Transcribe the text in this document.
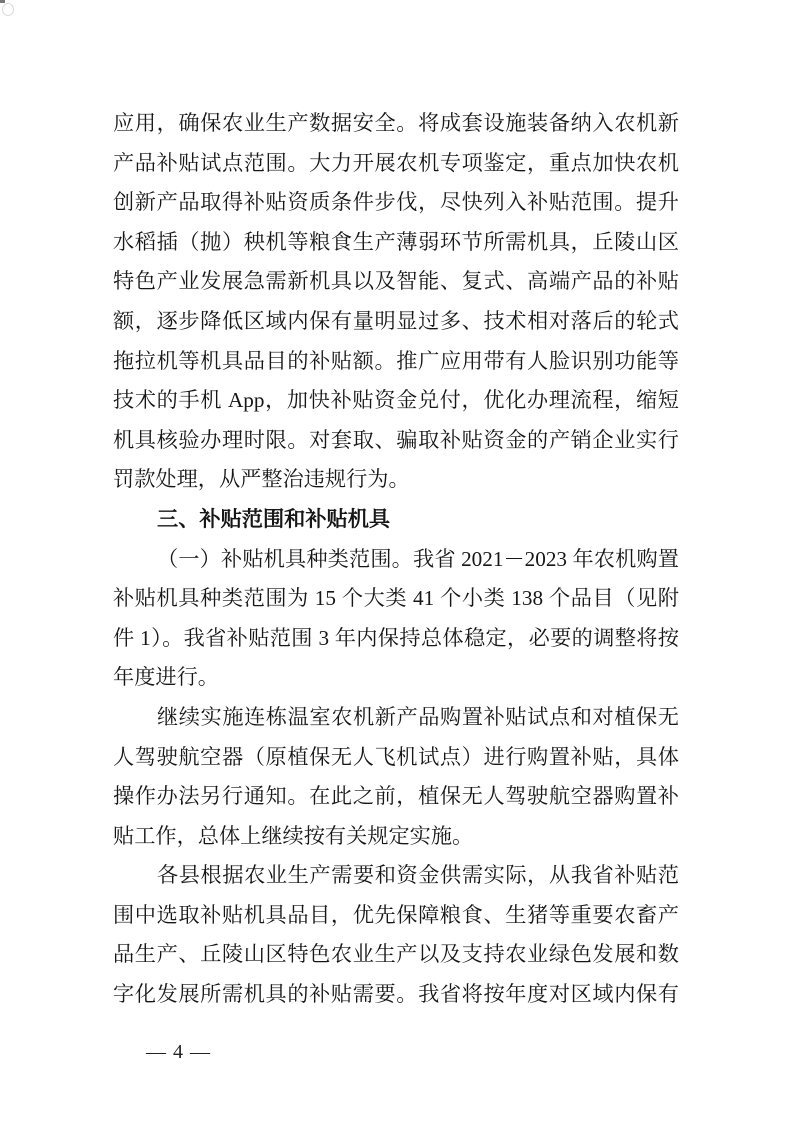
应用，确保农业生产数据安全。将成套设施装备纳入农机新
产品补贴试点范围。大力开展农机专项鉴定，重点加快农机
创新产品取得补贴资质条件步伐，尽快列入补贴范围。提升
水稻插（抛）秧机等粮食生产薄弱环节所需机具，丘陵山区
特色产业发展急需新机具以及智能、复式、高端产品的补贴
额，逐步降低区域内保有量明显过多、技术相对落后的轮式
拖拉机等机具品目的补贴额。推广应用带有人脸识别功能等
技术的手机 App，加快补贴资金兑付，优化办理流程，缩短
机具核验办理时限。对套取、骗取补贴资金的产销企业实行
罚款处理，从严整治违规行为。
三、补贴范围和补贴机具
（一）补贴机具种类范围。我省 2021－2023 年农机购置
补贴机具种类范围为 15 个大类 41 个小类 138 个品目（见附
件 1）。我省补贴范围 3 年内保持总体稳定，必要的调整将按
年度进行。
继续实施连栋温室农机新产品购置补贴试点和对植保无
人驾驶航空器（原植保无人飞机试点）进行购置补贴，具体
操作办法另行通知。在此之前，植保无人驾驶航空器购置补
贴工作，总体上继续按有关规定实施。
各县根据农业生产需要和资金供需实际，从我省补贴范
围中选取补贴机具品目，优先保障粮食、生猪等重要农畜产
品生产、丘陵山区特色农业生产以及支持农业绿色发展和数
字化发展所需机具的补贴需要。我省将按年度对区域内保有
— 4 —
